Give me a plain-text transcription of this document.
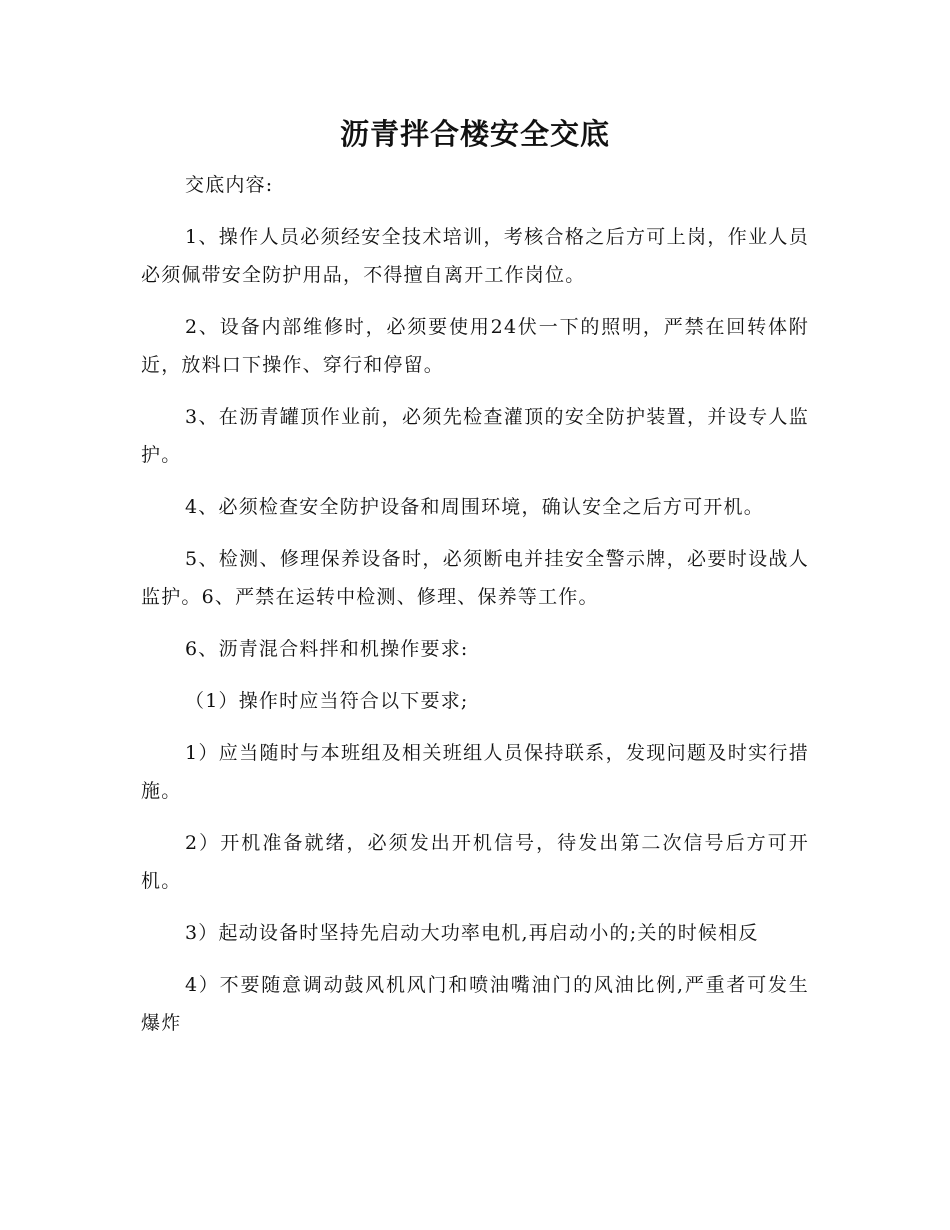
沥青拌合楼安全交底

交底内容:

1、操作人员必须经安全技术培训，考核合格之后方可上岗，作业人员必须佩带安全防护用品，不得擅自离开工作岗位。

2、设备内部维修时，必须要使用24伏一下的照明，严禁在回转体附近，放料口下操作、穿行和停留。

3、在沥青罐顶作业前，必须先检查灌顶的安全防护装置，并设专人监护。

4、必须检查安全防护设备和周围环境，确认安全之后方可开机。

5、检测、修理保养设备时，必须断电并挂安全警示牌，必要时设战人监护。6、严禁在运转中检测、修理、保养等工作。

6、沥青混合料拌和机操作要求:

（1）操作时应当符合以下要求;

1）应当随时与本班组及相关班组人员保持联系，发现问题及时实行措施。

2）开机准备就绪，必须发出开机信号，待发出第二次信号后方可开机。

3）起动设备时坚持先启动大功率电机,再启动小的;关的时候相反

4）不要随意调动鼓风机风门和喷油嘴油门的风油比例,严重者可发生爆炸
